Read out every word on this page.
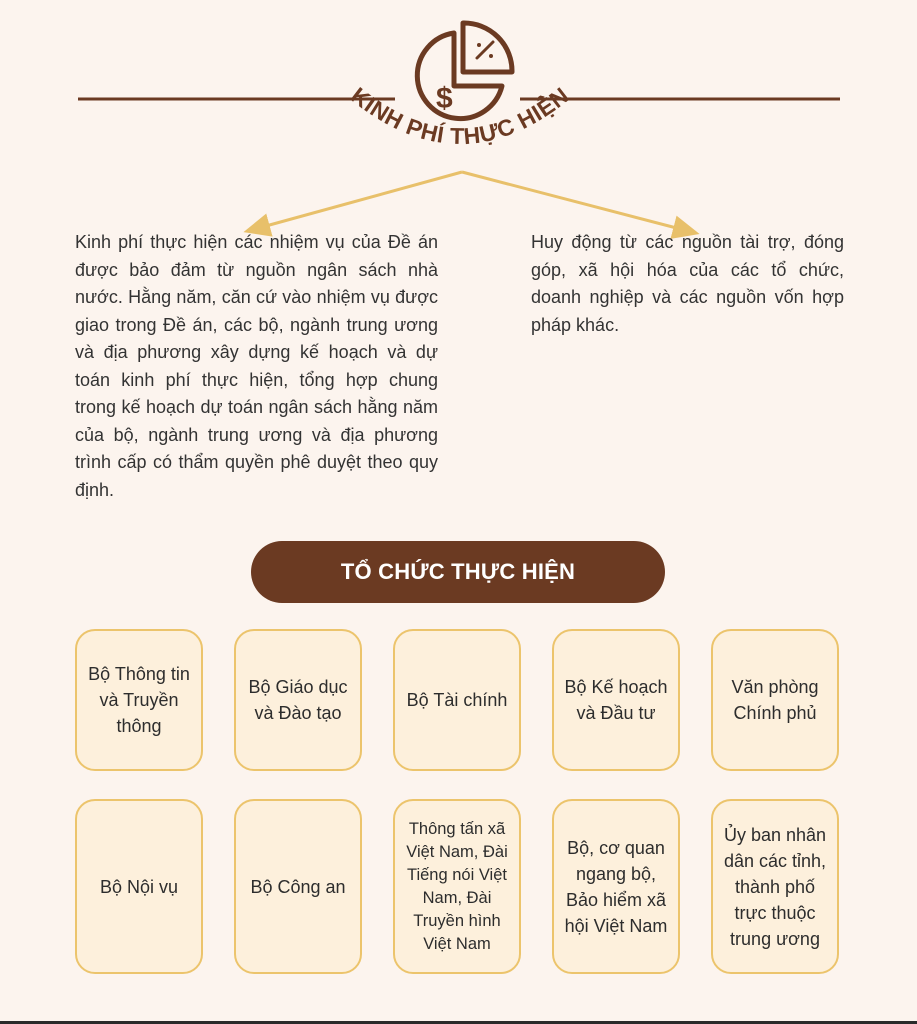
$
KINH PHÍ THỰC HIỆN

Kinh phí thực hiện các nhiệm vụ của Đề án được bảo đảm từ nguồn ngân sách nhà nước. Hằng năm, căn cứ vào nhiệm vụ được giao trong Đề án, các bộ, ngành trung ương và địa phương xây dựng kế hoạch và dự toán kinh phí thực hiện, tổng hợp chung trong kế hoạch dự toán ngân sách hằng năm của bộ, ngành trung ương và địa phương trình cấp có thẩm quyền phê duyệt theo quy định.

Huy động từ các nguồn tài trợ, đóng góp, xã hội hóa của các tổ chức, doanh nghiệp và các nguồn vốn hợp pháp khác.

TỔ CHỨC THỰC HIỆN
Bộ Thông tin và Truyền thông
Bộ Giáo dục và Đào tạo
Bộ Tài chính
Bộ Kế hoạch và Đầu tư
Văn phòng Chính phủ
Bộ Nội vụ	Bộ Công an
Thông tấn xã Việt Nam, Đài Tiếng nói Việt Nam, Đài Truyền hình Việt Nam
Bộ, cơ quan ngang bộ, Bảo hiểm xã hội Việt Nam
Ủy ban nhân dân các tỉnh, thành phố trực thuộc trung ương
